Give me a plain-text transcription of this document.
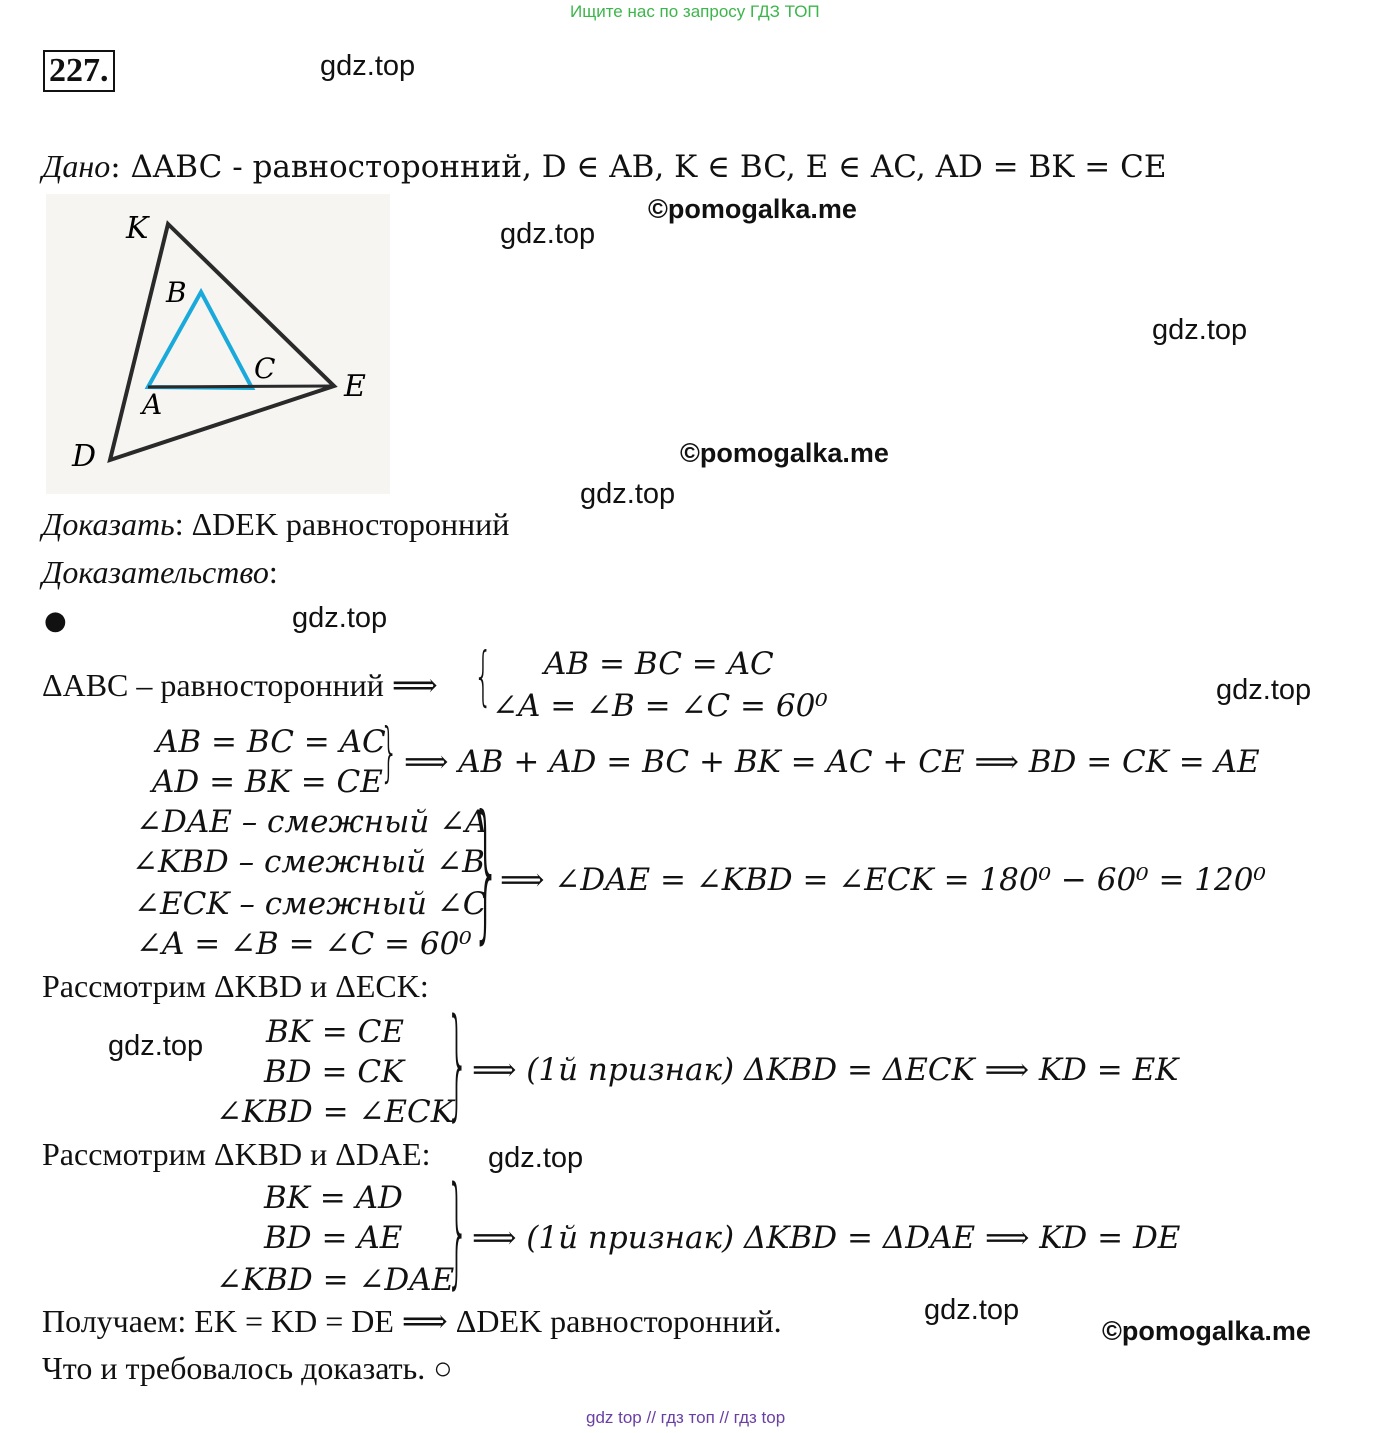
Ищите нас по запросу ГДЗ ТОП
227.
Дано: ΔABC - равносторонний, D ∈ AB, K ∈ BC, E ∈ AC, AD = BK = CE
K
B
C
E
A
D
gdz.top
©pomogalka.me
gdz.top
gdz.top
©pomogalka.me
gdz.top
gdz.top
gdz.top
gdz.top
gdz.top
gdz.top
©pomogalka.me
Доказать: ΔDEK равносторонний
Доказательство:
●
ΔABC – равносторонний ⟹ { AB = BC = AC
∠A = ∠B = ∠C = 60⁰
AB = BC = AC
AD = BK = CE
} ⟹ AB + AD = BC + BK = AC + CE ⟹ BD = CK = AE
∠DAE – смежный ∠A
∠KBD – смежный ∠B
∠ECK – смежный ∠C
∠A = ∠B = ∠C = 60⁰ } ⟹ ∠DAE = ∠KBD = ∠ECK = 180⁰ − 60⁰ = 120⁰
Рассмотрим ΔKBD и ΔECK:
BK = CE
BD = CK
∠KBD = ∠ECK
} ⟹ (1й признак) ΔKBD = ΔECK ⟹ KD = EK
Рассмотрим ΔKBD и ΔDAE:
BK = AD
BD = AE
∠KBD = ∠DAE
} ⟹ (1й признак) ΔKBD = ΔDAE ⟹ KD = DE
Получаем: EK = KD = DE ⟹ ΔDEK равносторонний.
Что и требовалось доказать. ○
gdz top // гдз топ // гдз top
